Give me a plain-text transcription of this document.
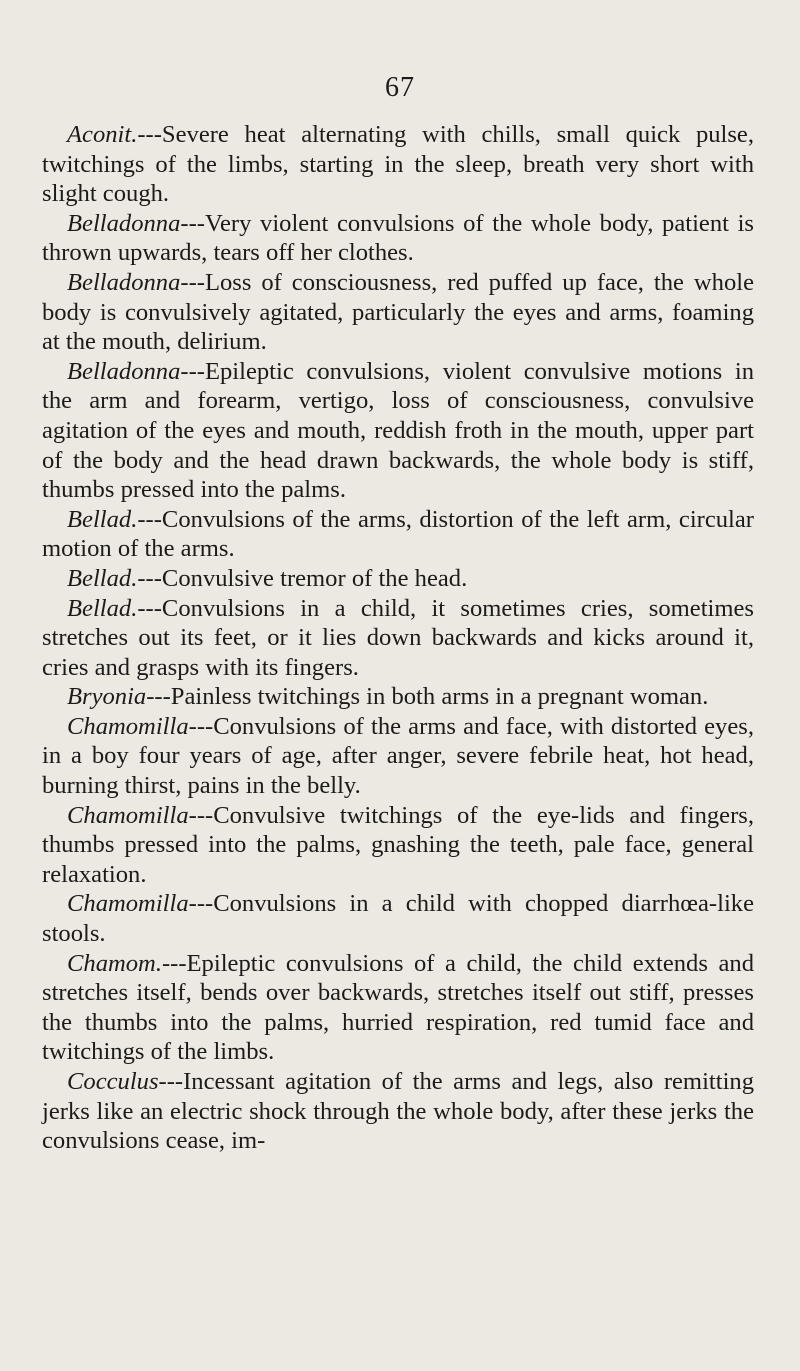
67

Aconit.---Severe heat alternating with chills, small quick pulse, twitchings of the limbs, starting in the sleep, breath very short with slight cough.

Belladonna---Very violent convulsions of the whole body, patient is thrown upwards, tears off her clothes.

Belladonna---Loss of consciousness, red puffed up face, the whole body is convulsively agitated, particularly the eyes and arms, foaming at the mouth, delirium.

Belladonna---Epileptic convulsions, violent convulsive motions in the arm and forearm, vertigo, loss of consciousness, convulsive agitation of the eyes and mouth, reddish froth in the mouth, upper part of the body and the head drawn backwards, the whole body is stiff, thumbs pressed into the palms.

Bellad.---Convulsions of the arms, distortion of the left arm, circular motion of the arms.

Bellad.---Convulsive tremor of the head.

Bellad.---Convulsions in a child, it sometimes cries, sometimes stretches out its feet, or it lies down backwards and kicks around it, cries and grasps with its fingers.

Bryonia---Painless twitchings in both arms in a pregnant woman.

Chamomilla---Convulsions of the arms and face, with distorted eyes, in a boy four years of age, after anger, severe febrile heat, hot head, burning thirst, pains in the belly.

Chamomilla---Convulsive twitchings of the eye-lids and fingers, thumbs pressed into the palms, gnashing the teeth, pale face, general relaxation.

Chamomilla---Convulsions in a child with chopped diarrhœa-like stools.

Chamom.---Epileptic convulsions of a child, the child extends and stretches itself, bends over backwards, stretches itself out stiff, presses the thumbs into the palms, hurried respiration, red tumid face and twitchings of the limbs.

Cocculus---Incessant agitation of the arms and legs, also remitting jerks like an electric shock through the whole body, after these jerks the convulsions cease, im-
